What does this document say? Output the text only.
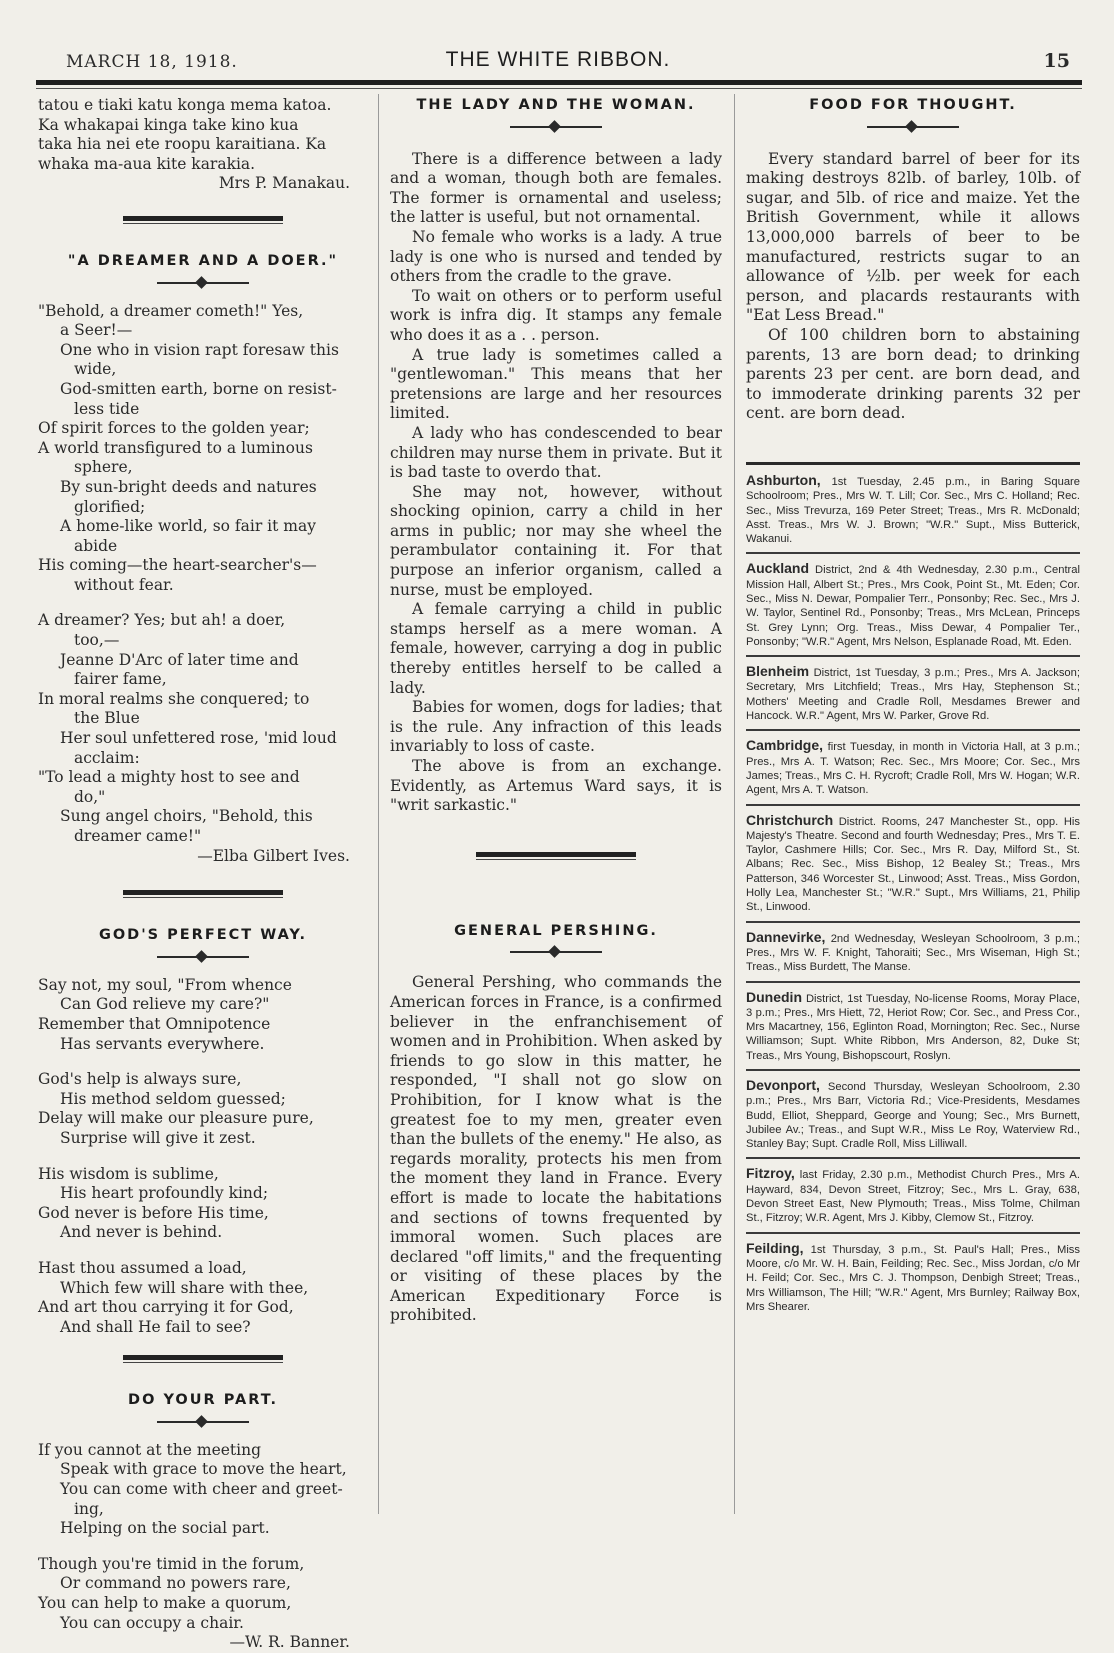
MARCH 18, 1918.	THE WHITE RIBBON.	15
tatou e tiaki katu konga mema katoa.
Ka whakapai kinga take kino kua
taka hia nei ete roopu karaitiana. Ka
whaka ma-aua kite karakia.
Mrs P. Manakau.
"A DREAMER AND A DOER."
"Behold, a dreamer cometh!" Yes,
a Seer!—
One who in vision rapt foresaw this
wide,
God-smitten earth, borne on resist-
less tide
Of spirit forces to the golden year;
A world transfigured to a luminous
sphere,
By sun-bright deeds and natures
glorified;
A home-like world, so fair it may
abide
His coming—the heart-searcher's—
without fear.
A dreamer? Yes; but ah! a doer,
too,—
Jeanne D'Arc of later time and
fairer fame,
In moral realms she conquered; to
the Blue
Her soul unfettered rose, 'mid loud
acclaim:
"To lead a mighty host to see and
do,"
Sung angel choirs, "Behold, this
dreamer came!"
—Elba Gilbert Ives.
GOD'S PERFECT WAY.
Say not, my soul, "From whence
Can God relieve my care?"
Remember that Omnipotence
Has servants everywhere.
God's help is always sure,
His method seldom guessed;
Delay will make our pleasure pure,
Surprise will give it zest.
His wisdom is sublime,
His heart profoundly kind;
God never is before His time,
And never is behind.
Hast thou assumed a load,
Which few will share with thee,
And art thou carrying it for God,
And shall He fail to see?
DO YOUR PART.
If you cannot at the meeting
Speak with grace to move the heart,
You can come with cheer and greet-
ing,
Helping on the social part.
Though you're timid in the forum,
Or command no powers rare,
You can help to make a quorum,
You can occupy a chair.
—W. R. Banner.
THE LADY AND THE WOMAN.

There is a difference between a lady and a woman, though both are females. The former is ornamental and useless; the latter is useful, but not ornamental.

No female who works is a lady. A true lady is one who is nursed and tended by others from the cradle to the grave.

To wait on others or to perform useful work is infra dig. It stamps any female who does it as a . . person.

A true lady is sometimes called a "gentlewoman." This means that her pretensions are large and her resources limited.

A lady who has condescended to bear children may nurse them in private. But it is bad taste to overdo that.

She may not, however, without shocking opinion, carry a child in her arms in public; nor may she wheel the perambulator containing it. For that purpose an inferior organism, called a nurse, must be employed.

A female carrying a child in public stamps herself as a mere woman. A female, however, carrying a dog in public thereby entitles herself to be called a lady.

Babies for women, dogs for ladies; that is the rule. Any infraction of this leads invariably to loss of caste.

The above is from an exchange. Evidently, as Artemus Ward says, it is "writ sarkastic."

GENERAL PERSHING.

General Pershing, who commands the American forces in France, is a confirmed believer in the enfranchisement of women and in Prohibition. When asked by friends to go slow in this matter, he responded, "I shall not go slow on Prohibition, for I know what is the greatest foe to my men, greater even than the bullets of the enemy." He also, as regards morality, protects his men from the moment they land in France. Every effort is made to locate the habitations and sections of towns frequented by immoral women. Such places are declared "off limits," and the frequenting or visiting of these places by the American Expeditionary Force is prohibited.

FOOD FOR THOUGHT.

Every standard barrel of beer for its making destroys 82lb. of barley, 10lb. of sugar, and 5lb. of rice and maize. Yet the British Government, while it allows 13,000,000 barrels of beer to be manufactured, restricts sugar to an allowance of ½lb. per week for each person, and placards restaurants with "Eat Less Bread."

Of 100 children born to abstaining parents, 13 are born dead; to drinking parents 23 per cent. are born dead, and to immoderate drinking parents 32 per cent. are born dead.

Ashburton, 1st Tuesday, 2.45 p.m., in Baring Square Schoolroom; Pres., Mrs W. T. Lill; Cor. Sec., Mrs C. Holland; Rec. Sec., Miss Trevurza, 169 Peter Street; Treas., Mrs R. McDonald; Asst. Treas., Mrs W. J. Brown; "W.R." Supt., Miss Butterick, Wakanui.
Auckland District, 2nd & 4th Wednesday, 2.30 p.m., Central Mission Hall, Albert St.; Pres., Mrs Cook, Point St., Mt. Eden; Cor. Sec., Miss N. Dewar, Pompalier Terr., Ponsonby; Rec. Sec., Mrs J. W. Taylor, Sentinel Rd., Ponsonby; Treas., Mrs McLean, Princeps St. Grey Lynn; Org. Treas., Miss Dewar, 4 Pompalier Ter., Ponsonby; "W.R." Agent, Mrs Nelson, Esplanade Road, Mt. Eden.
Blenheim District, 1st Tuesday, 3 p.m.; Pres., Mrs A. Jackson; Secretary, Mrs Litchfield; Treas., Mrs Hay, Stephenson St.; Mothers' Meeting and Cradle Roll, Mesdames Brewer and Hancock. W.R." Agent, Mrs W. Parker, Grove Rd.
Cambridge, first Tuesday, in month in Victoria Hall, at 3 p.m.; Pres., Mrs A. T. Watson; Rec. Sec., Mrs Moore; Cor. Sec., Mrs James; Treas., Mrs C. H. Rycroft; Cradle Roll, Mrs W. Hogan; W.R. Agent, Mrs A. T. Watson.
Christchurch District. Rooms, 247 Manchester St., opp. His Majesty's Theatre. Second and fourth Wednesday; Pres., Mrs T. E. Taylor, Cashmere Hills; Cor. Sec., Mrs R. Day, Milford St., St. Albans; Rec. Sec., Miss Bishop, 12 Bealey St.; Treas., Mrs Patterson, 346 Worcester St., Linwood; Asst. Treas., Miss Gordon, Holly Lea, Manchester St.; "W.R." Supt., Mrs Williams, 21, Philip St., Linwood.
Dannevirke, 2nd Wednesday, Wesleyan Schoolroom, 3 p.m.; Pres., Mrs W. F. Knight, Tahoraiti; Sec., Mrs Wiseman, High St.; Treas., Miss Burdett, The Manse.
Dunedin District, 1st Tuesday, No-license Rooms, Moray Place, 3 p.m.; Pres., Mrs Hiett, 72, Heriot Row; Cor. Sec., and Press Cor., Mrs Macartney, 156, Eglinton Road, Mornington; Rec. Sec., Nurse Williamson; Supt. White Ribbon, Mrs Anderson, 82, Duke St; Treas., Mrs Young, Bishopscourt, Roslyn.
Devonport, Second Thursday, Wesleyan Schoolroom, 2.30 p.m.; Pres., Mrs Barr, Victoria Rd.; Vice-Presidents, Mesdames Budd, Elliot, Sheppard, George and Young; Sec., Mrs Burnett, Jubilee Av.; Treas., and Supt W.R., Miss Le Roy, Waterview Rd., Stanley Bay; Supt. Cradle Roll, Miss Lilliwall.
Fitzroy, last Friday, 2.30 p.m., Methodist Church Pres., Mrs A. Hayward, 834, Devon Street, Fitzroy; Sec., Mrs L. Gray, 638, Devon Street East, New Plymouth; Treas., Miss Tolme, Chilman St., Fitzroy; W.R. Agent, Mrs J. Kibby, Clemow St., Fitzroy.
Feilding, 1st Thursday, 3 p.m., St. Paul's Hall; Pres., Miss Moore, c/o Mr. W. H. Bain, Feilding; Rec. Sec., Miss Jordan, c/o Mr H. Feild; Cor. Sec., Mrs C. J. Thompson, Denbigh Street; Treas., Mrs Williamson, The Hill; "W.R." Agent, Mrs Burnley; Railway Box, Mrs Shearer.
